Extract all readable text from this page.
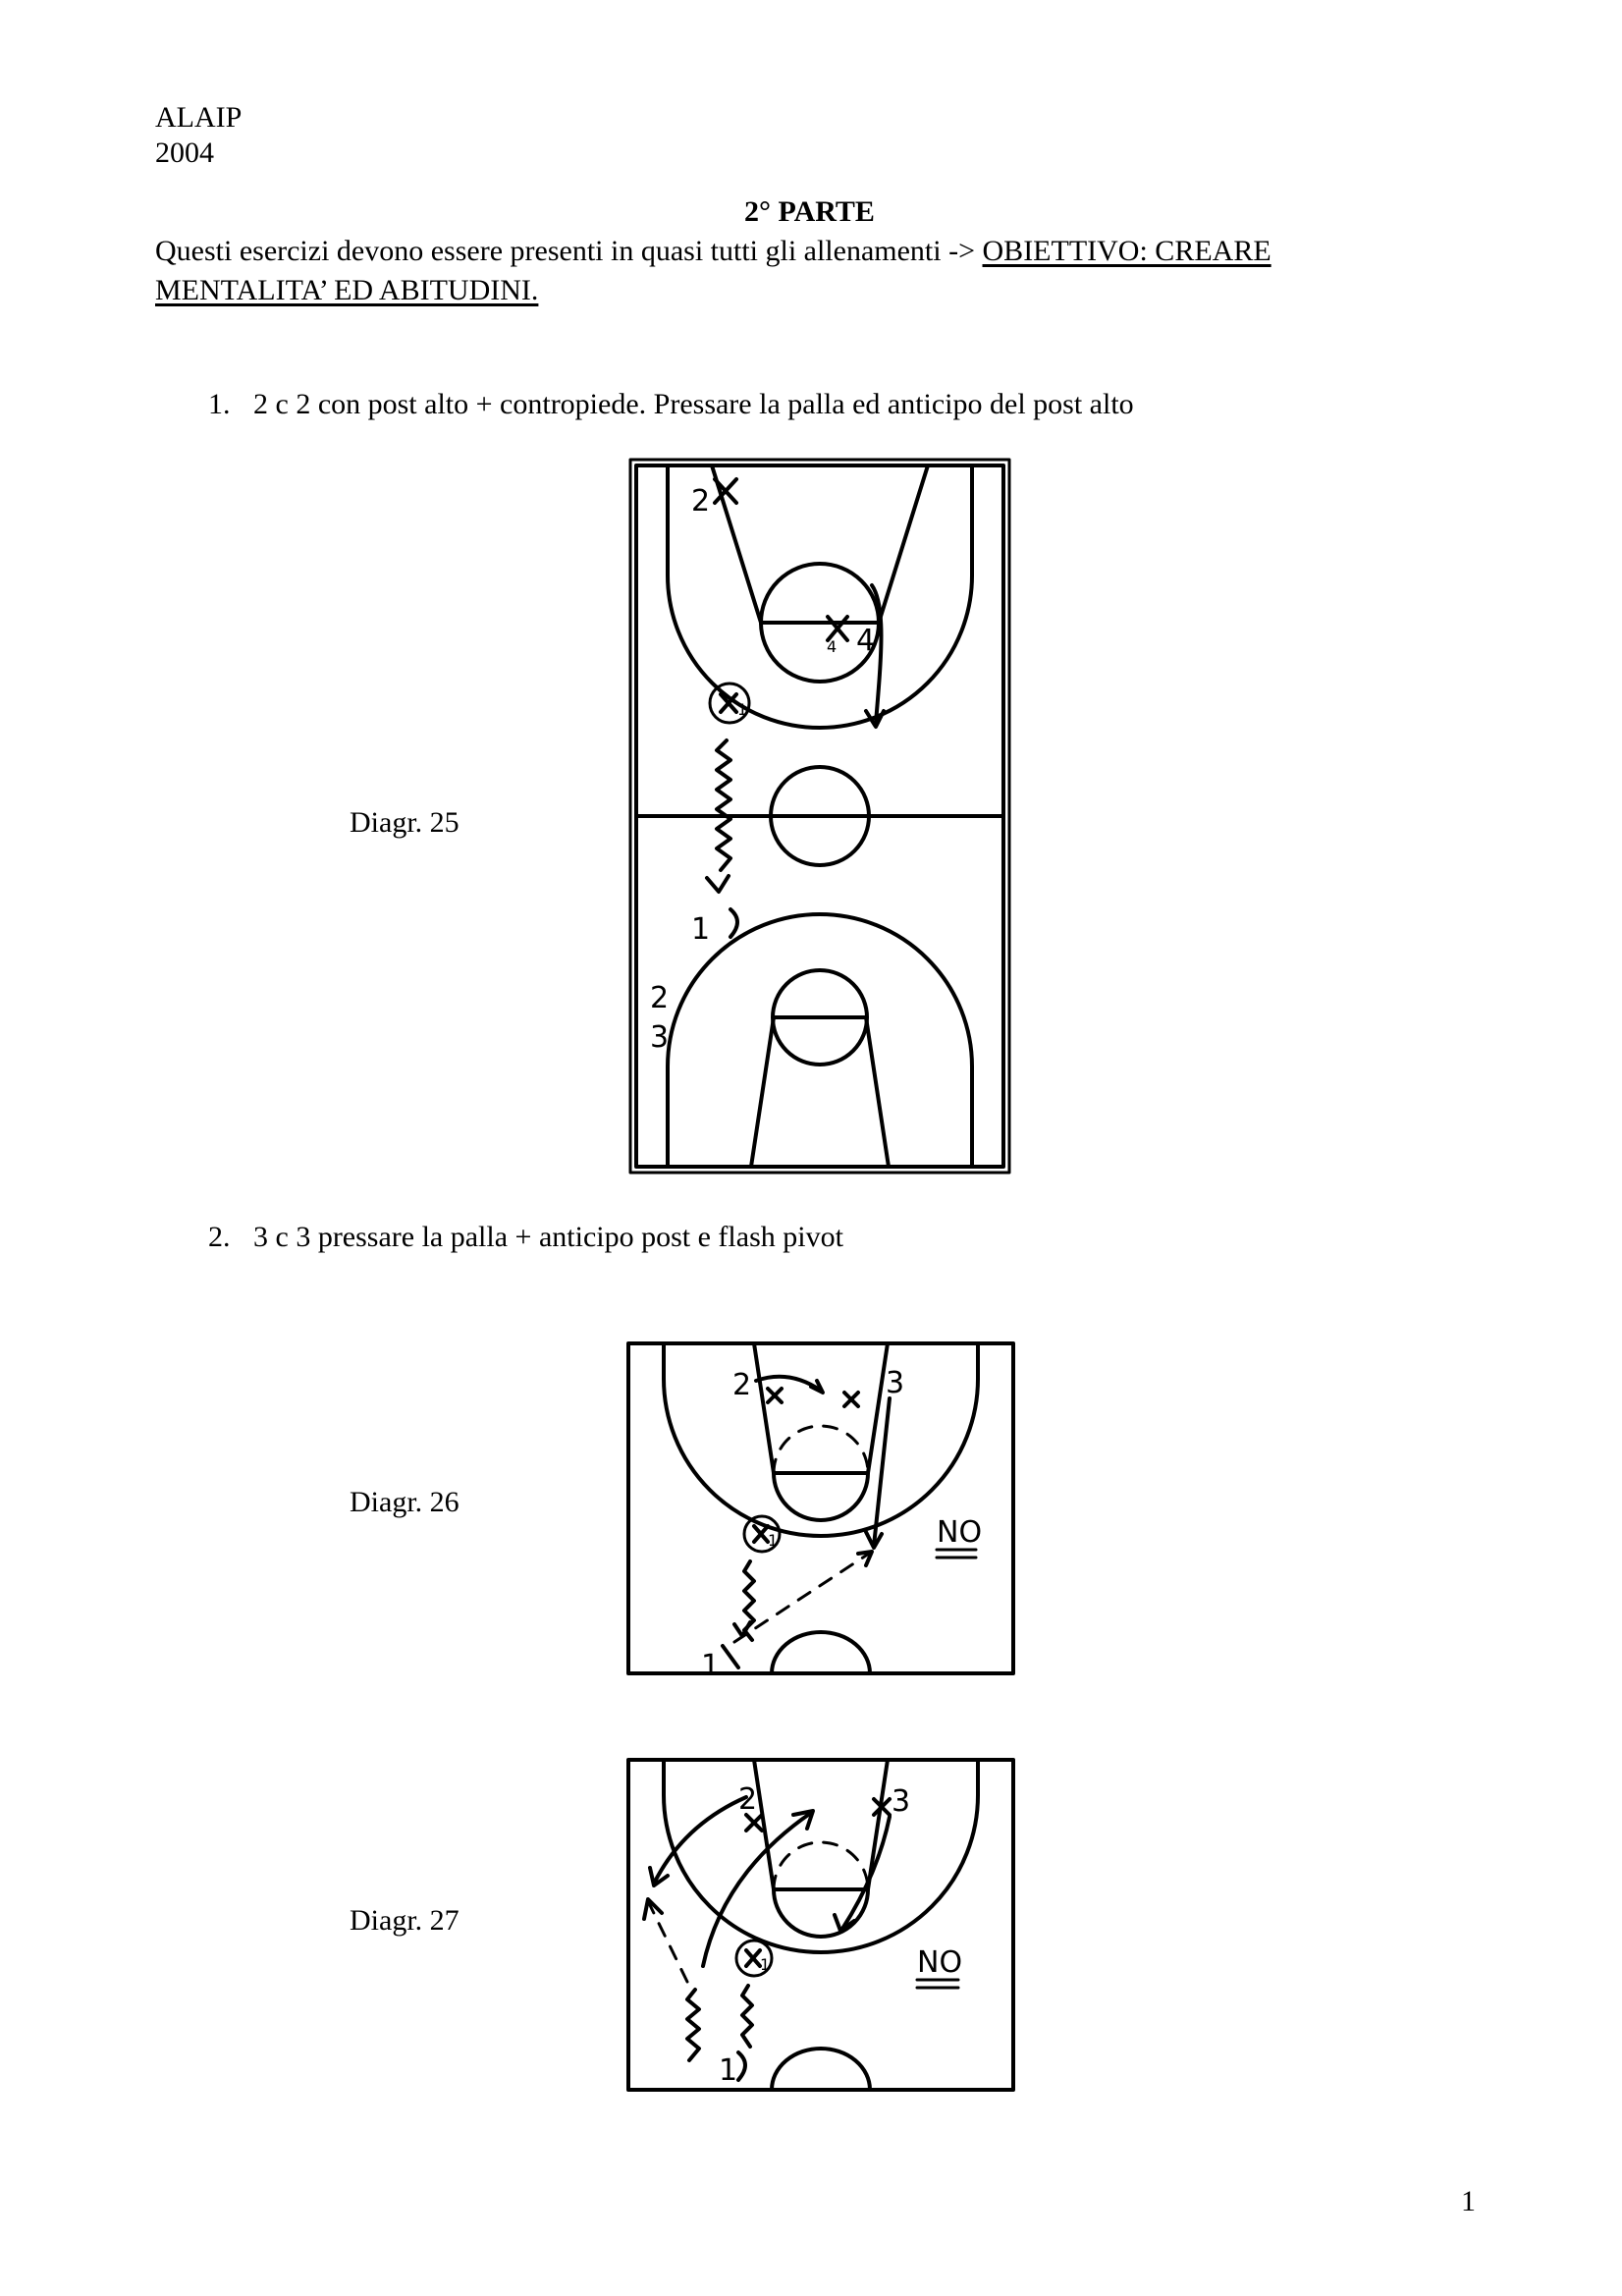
ALAIP
2004
2° PARTE
Questi esercizi devono essere presenti in quasi tutti gli allenamenti -> OBIETTIVO: CREARE
MENTALITA’ ED ABITUDINI.
1. 2 c 2 con post alto + contropiede. Pressare la palla ed anticipo del post alto
Diagr. 25
2
4 4
1
1
2
3
2. 3 c 3 pressare la palla + anticipo post e flash pivot
Diagr. 26
2	3
1
1
NO
Diagr. 27
2	3
1
1
NO
1
